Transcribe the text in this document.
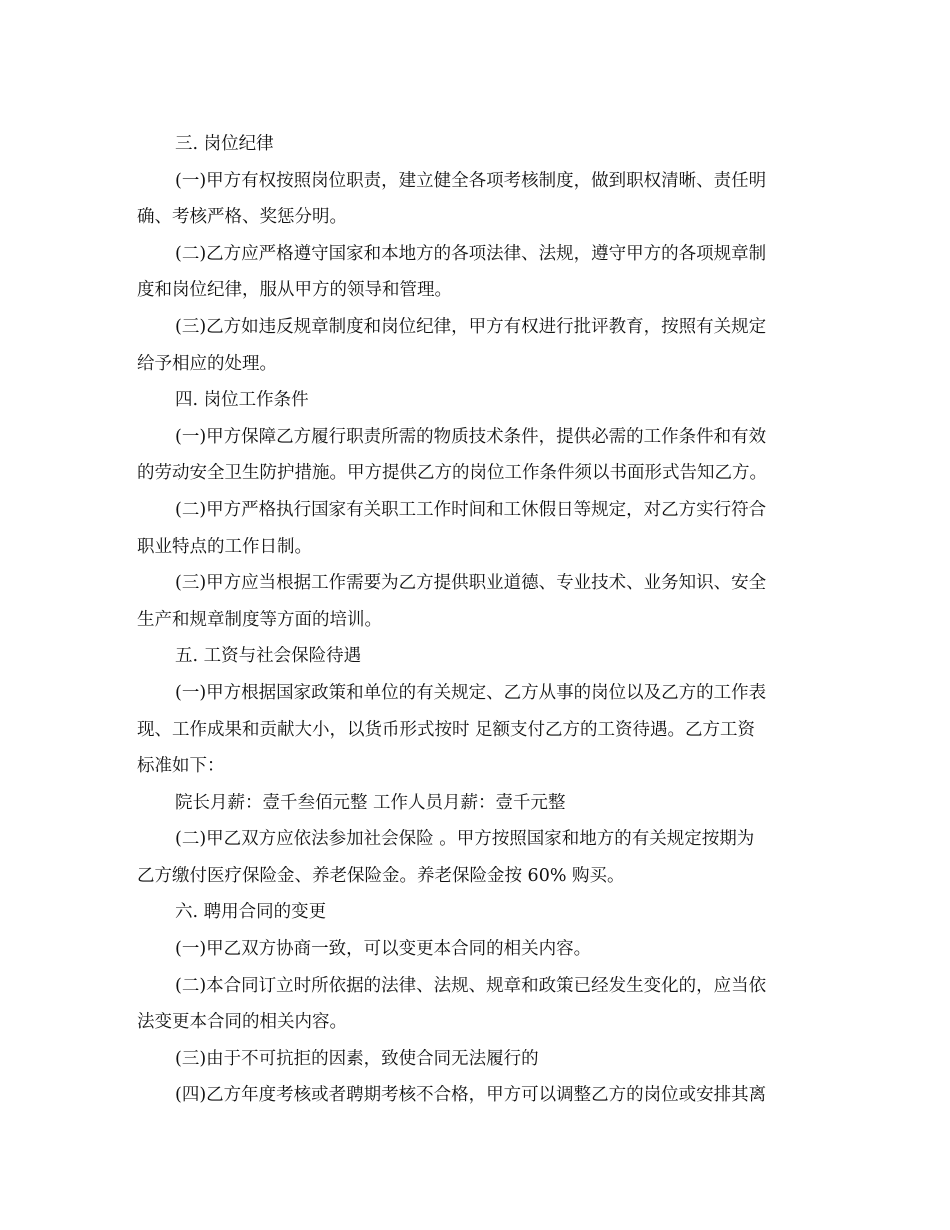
三. 岗位纪律
(一)甲方有权按照岗位职责，建立健全各项考核制度，做到职权清晰、责任明
确、考核严格、奖惩分明。
(二)乙方应严格遵守国家和本地方的各项法律、法规，遵守甲方的各项规章制
度和岗位纪律，服从甲方的领导和管理。
(三)乙方如违反规章制度和岗位纪律，甲方有权进行批评教育，按照有关规定
给予相应的处理。
四. 岗位工作条件
(一)甲方保障乙方履行职责所需的物质技术条件，提供必需的工作条件和有效
的劳动安全卫生防护措施。甲方提供乙方的岗位工作条件须以书面形式告知乙方。
(二)甲方严格执行国家有关职工工作时间和工休假日等规定，对乙方实行符合
职业特点的工作日制。
(三)甲方应当根据工作需要为乙方提供职业道德、专业技术、业务知识、安全
生产和规章制度等方面的培训。
五. 工资与社会保险待遇
(一)甲方根据国家政策和单位的有关规定、乙方从事的岗位以及乙方的工作表
现、工作成果和贡献大小，以货币形式按时 足额支付乙方的工资待遇。乙方工资
标准如下：
院长月薪：壹千叁佰元整 工作人员月薪：壹千元整
(二)甲乙双方应依法参加社会保险 。甲方按照国家和地方的有关规定按期为
乙方缴付医疗保险金、养老保险金。养老保险金按 60% 购买。
六. 聘用合同的变更
(一)甲乙双方协商一致，可以变更本合同的相关内容。
(二)本合同订立时所依据的法律、法规、规章和政策已经发生变化的，应当依
法变更本合同的相关内容。
(三)由于不可抗拒的因素，致使合同无法履行的
(四)乙方年度考核或者聘期考核不合格，甲方可以调整乙方的岗位或安排其离
